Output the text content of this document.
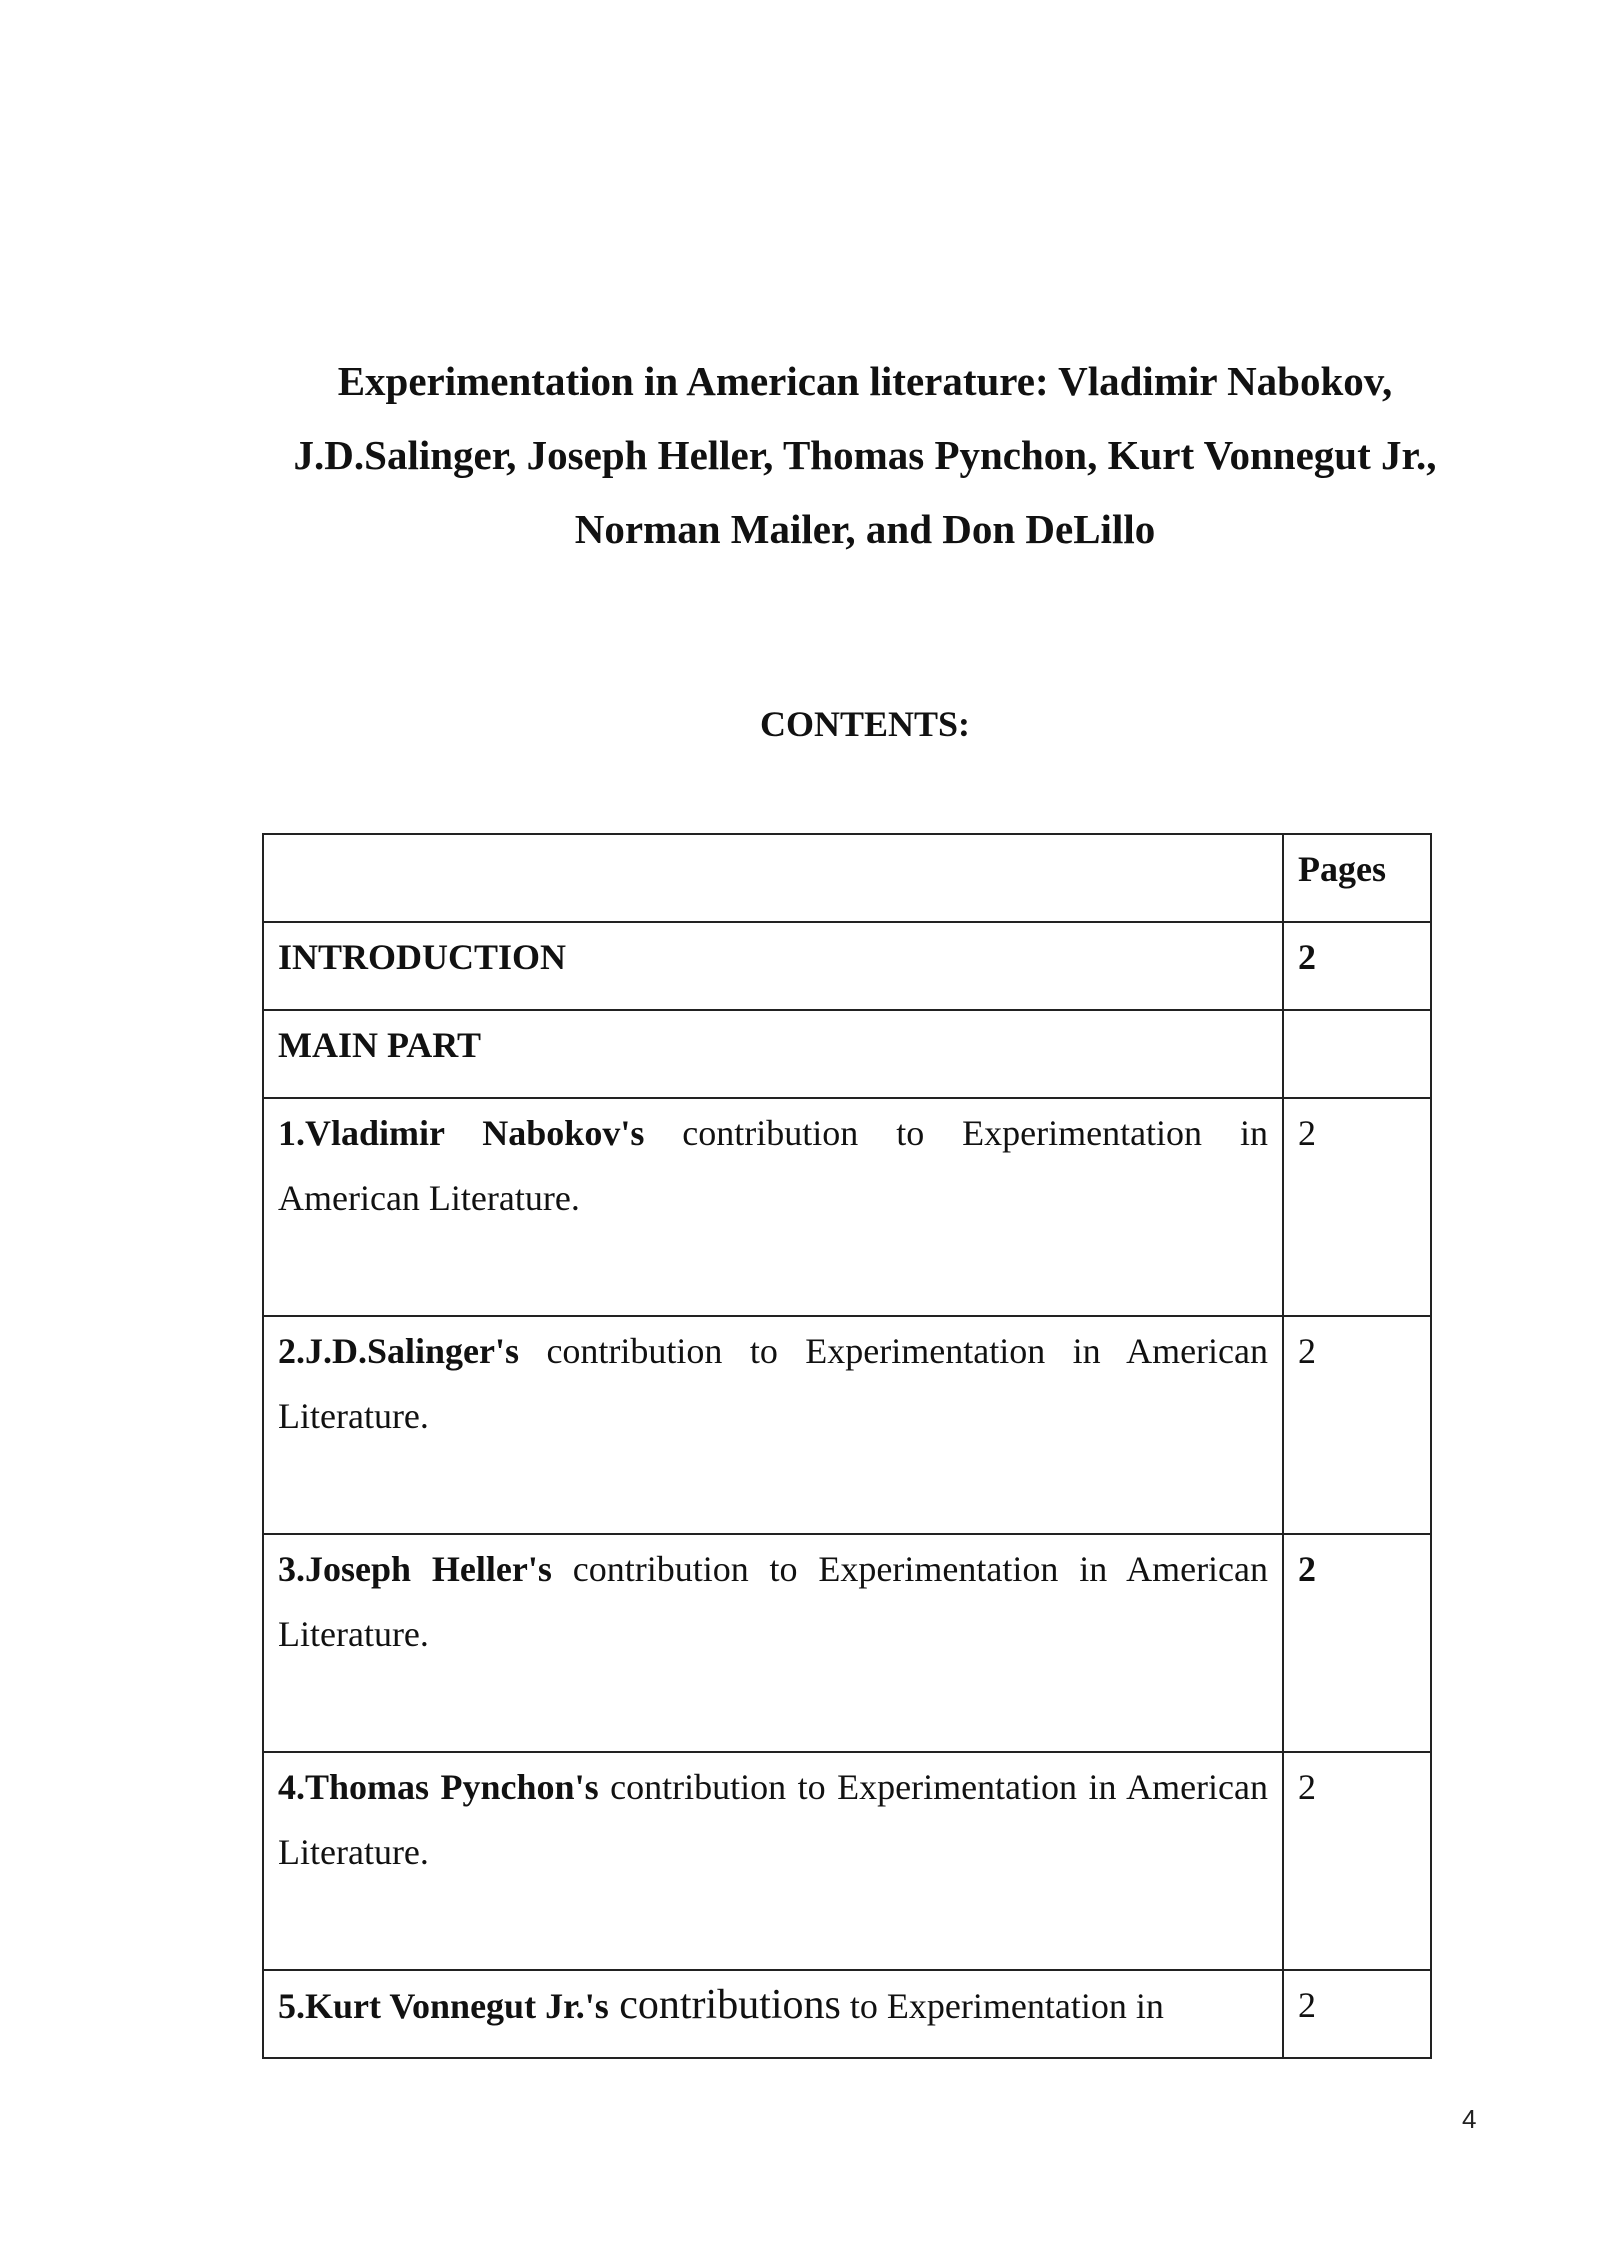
Experimentation in American literature: Vladimir Nabokov,
J.D.Salinger, Joseph Heller, Thomas Pynchon, Kurt Vonnegut Jr.,
Norman Mailer, and Don DeLillo
CONTENTS:
	Pages
INTRODUCTION	2
MAIN PART	
1.Vladimir Nabokov's contribution to Experimentation in American Literature.	2
2.J.D.Salinger's contribution to Experimentation in American Literature.	2
3.Joseph Heller's contribution to Experimentation in American Literature.	2
4.Thomas Pynchon's contribution to Experimentation in American Literature.	2
5.Kurt Vonnegut Jr.'s contributions to Experimentation in	2
4
